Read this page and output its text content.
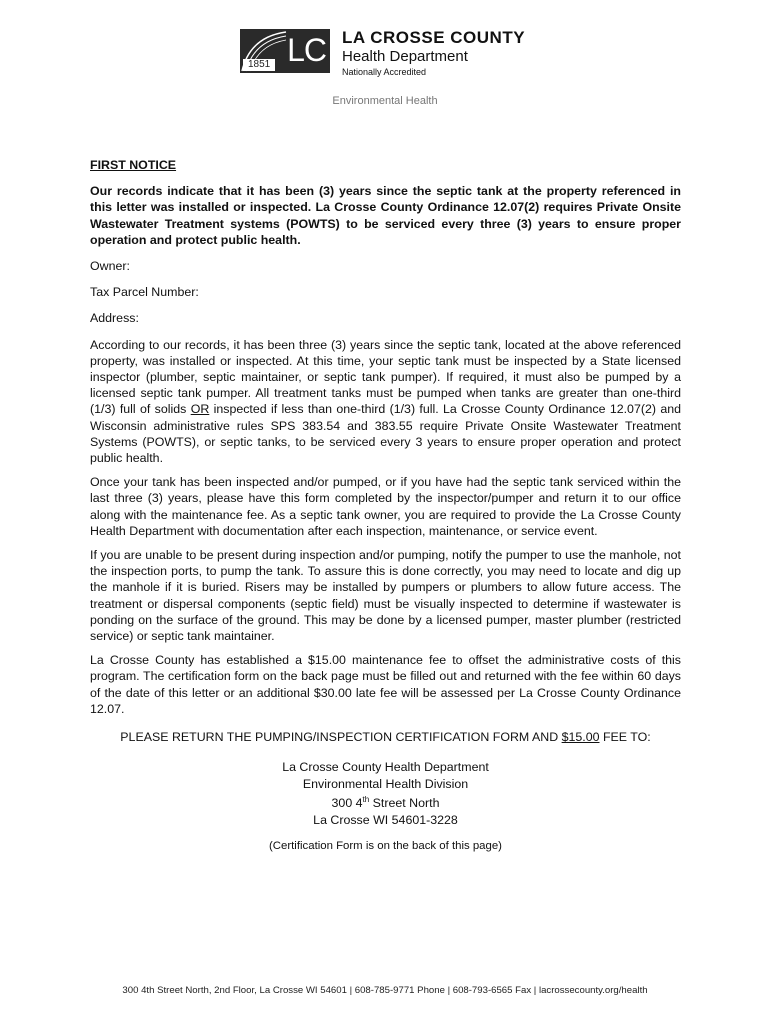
1851 LC LA CROSSE COUNTY
Health Department
Nationally Accredited
Environmental Health
FIRST NOTICE
Our records indicate that it has been (3) years since the septic tank at the property referenced in this letter was installed or inspected. La Crosse County Ordinance 12.07(2) requires Private Onsite Wastewater Treatment systems (POWTS) to be serviced every three (3) years to ensure proper operation and protect public health.
Owner:
Tax Parcel Number:
Address:
According to our records, it has been three (3) years since the septic tank, located at the above referenced property, was installed or inspected. At this time, your septic tank must be inspected by a State licensed inspector (plumber, septic maintainer, or septic tank pumper). If required, it must also be pumped by a licensed septic tank pumper. All treatment tanks must be pumped when tanks are greater than one-third (1/3) full of solids OR inspected if less than one-third (1/3) full. La Crosse County Ordinance 12.07(2) and Wisconsin administrative rules SPS 383.54 and 383.55 require Private Onsite Wastewater Treatment Systems (POWTS), or septic tanks, to be serviced every 3 years to ensure proper operation and protect public health.
Once your tank has been inspected and/or pumped, or if you have had the septic tank serviced within the last three (3) years, please have this form completed by the inspector/pumper and return it to our office along with the maintenance fee. As a septic tank owner, you are required to provide the La Crosse County Health Department with documentation after each inspection, maintenance, or service event.
If you are unable to be present during inspection and/or pumping, notify the pumper to use the manhole, not the inspection ports, to pump the tank. To assure this is done correctly, you may need to locate and dig up the manhole if it is buried. Risers may be installed by pumpers or plumbers to allow future access. The treatment or dispersal components (septic field) must be visually inspected to determine if wastewater is ponding on the surface of the ground. This may be done by a licensed pumper, master plumber (restricted service) or septic tank maintainer.
La Crosse County has established a $15.00 maintenance fee to offset the administrative costs of this program. The certification form on the back page must be filled out and returned with the fee within 60 days of the date of this letter or an additional $30.00 late fee will be assessed per La Crosse County Ordinance 12.07.
PLEASE RETURN THE PUMPING/INSPECTION CERTIFICATION FORM AND $15.00 FEE TO:
La Crosse County Health Department
Environmental Health Division
300 4th Street North
La Crosse WI 54601-3228
(Certification Form is on the back of this page)
300 4th Street North, 2nd Floor, La Crosse WI 54601 | 608-785-9771 Phone | 608-793-6565 Fax | lacrossecounty.org/health
